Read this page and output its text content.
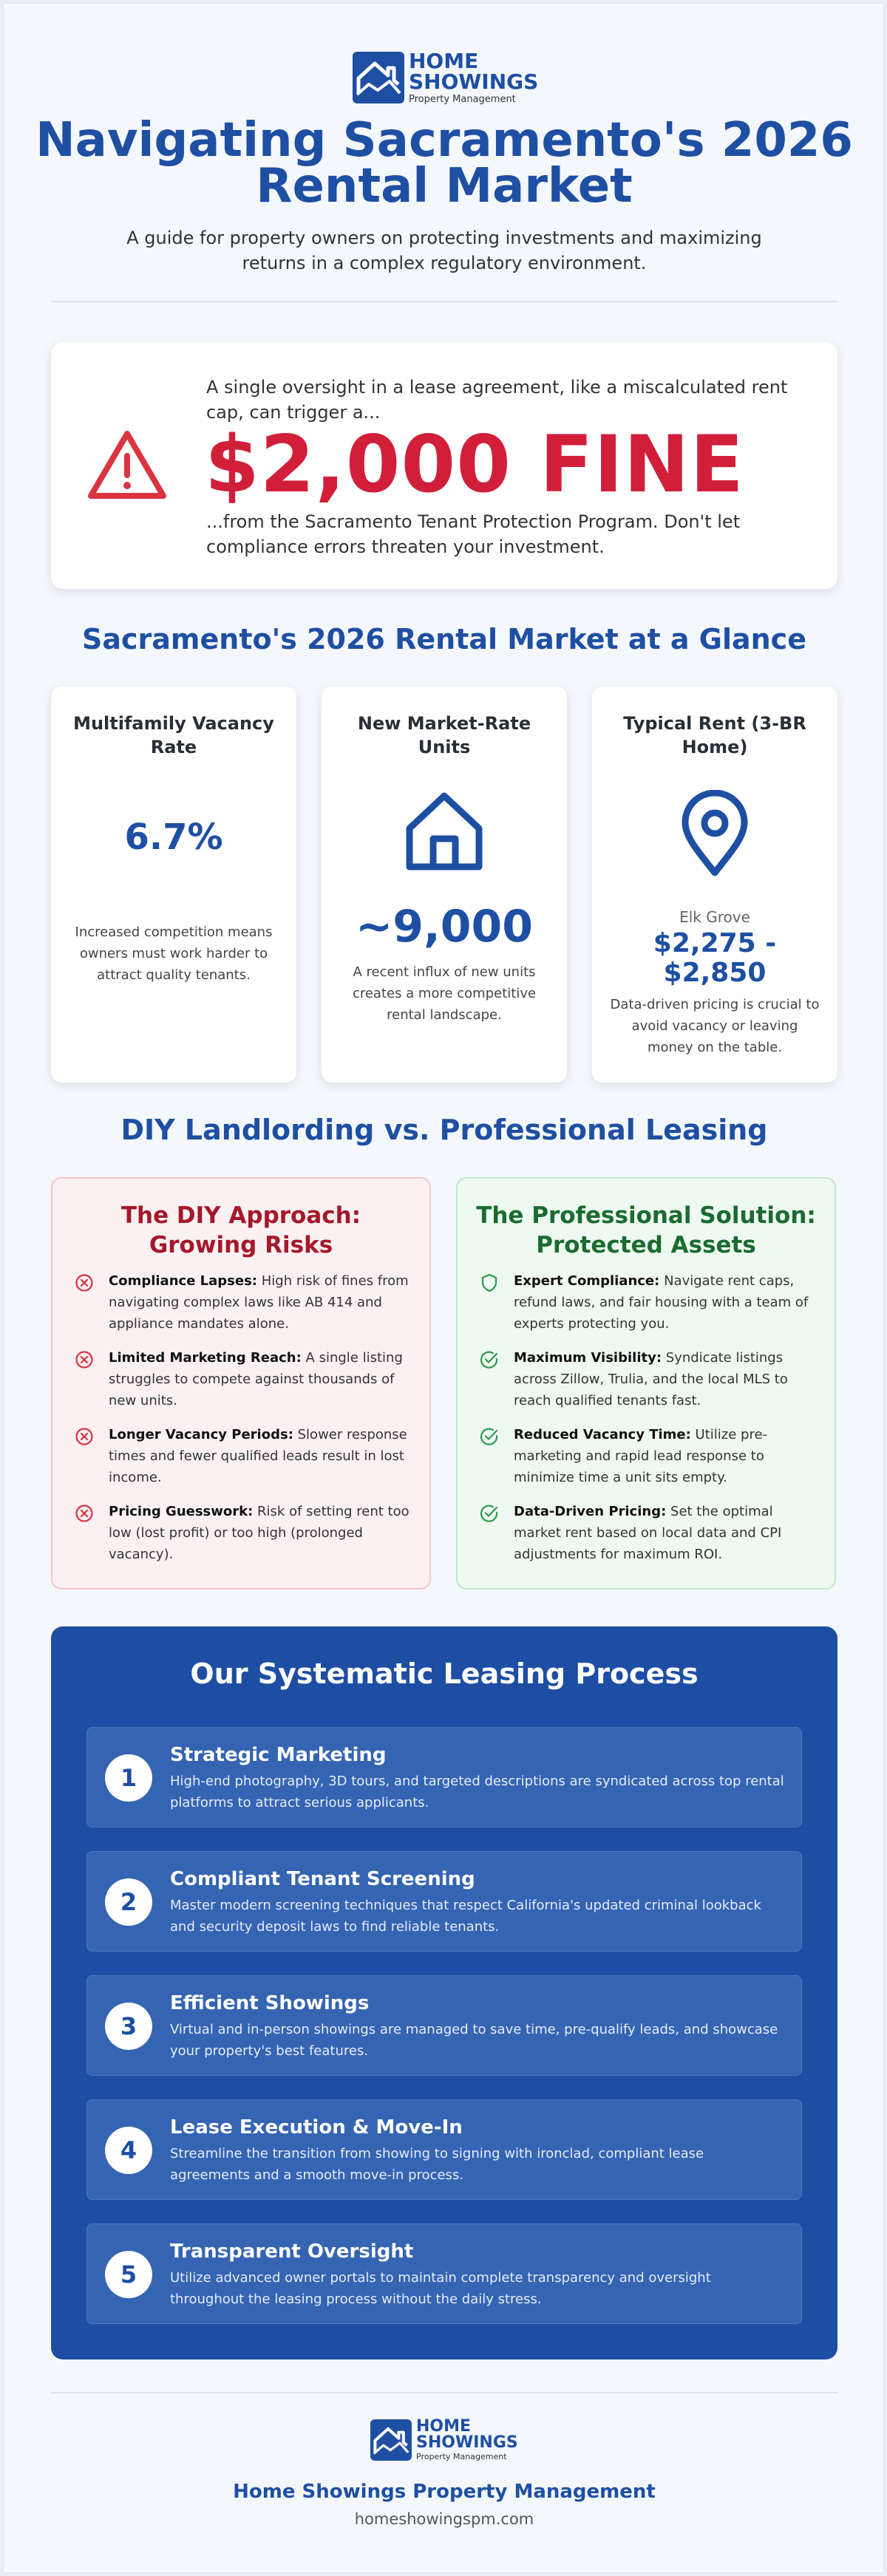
HOME
SHOWINGS
Property Management
Navigating Sacramento's 2026 Rental Market
A guide for property owners on protecting investments and maximizing returns in a complex regulatory environment.
A single oversight in a lease agreement, like a miscalculated rent cap, can trigger a...
$2,000 FINE
...from the Sacramento Tenant Protection Program. Don't let compliance errors threaten your investment.
Sacramento's 2026 Rental Market at a Glance
Multifamily Vacancy Rate
6.7%
Increased competition means owners must work harder to attract quality tenants.
New Market-Rate Units
~9,000
A recent influx of new units creates a more competitive rental landscape.
Typical Rent (3-BR Home)
Elk Grove
$2,275 -
$2,850
Data-driven pricing is crucial to avoid vacancy or leaving money on the table.
DIY Landlording vs. Professional Leasing
The DIY Approach: Growing Risks
Compliance Lapses: High risk of fines from navigating complex laws like AB 414 and appliance mandates alone.
Limited Marketing Reach: A single listing struggles to compete against thousands of new units.
Longer Vacancy Periods: Slower response times and fewer qualified leads result in lost income.
Pricing Guesswork: Risk of setting rent too low (lost profit) or too high (prolonged vacancy).
The Professional Solution: Protected Assets
Expert Compliance: Navigate rent caps, refund laws, and fair housing with a team of experts protecting you.
Maximum Visibility: Syndicate listings across Zillow, Trulia, and the local MLS to reach qualified tenants fast.
Reduced Vacancy Time: Utilize pre-marketing and rapid lead response to minimize time a unit sits empty.
Data-Driven Pricing: Set the optimal market rent based on local data and CPI adjustments for maximum ROI.
Our Systematic Leasing Process
1
Strategic Marketing
High-end photography, 3D tours, and targeted descriptions are syndicated across top rental platforms to attract serious applicants.
2
Compliant Tenant Screening
Master modern screening techniques that respect California's updated criminal lookback and security deposit laws to find reliable tenants.
3
Efficient Showings
Virtual and in-person showings are managed to save time, pre-qualify leads, and showcase your property's best features.
4
Lease Execution & Move-In
Streamline the transition from showing to signing with ironclad, compliant lease agreements and a smooth move-in process.
5
Transparent Oversight
Utilize advanced owner portals to maintain complete transparency and oversight throughout the leasing process without the daily stress.
HOME
SHOWINGS
Property Management
Home Showings Property Management
homeshowingspm.com
